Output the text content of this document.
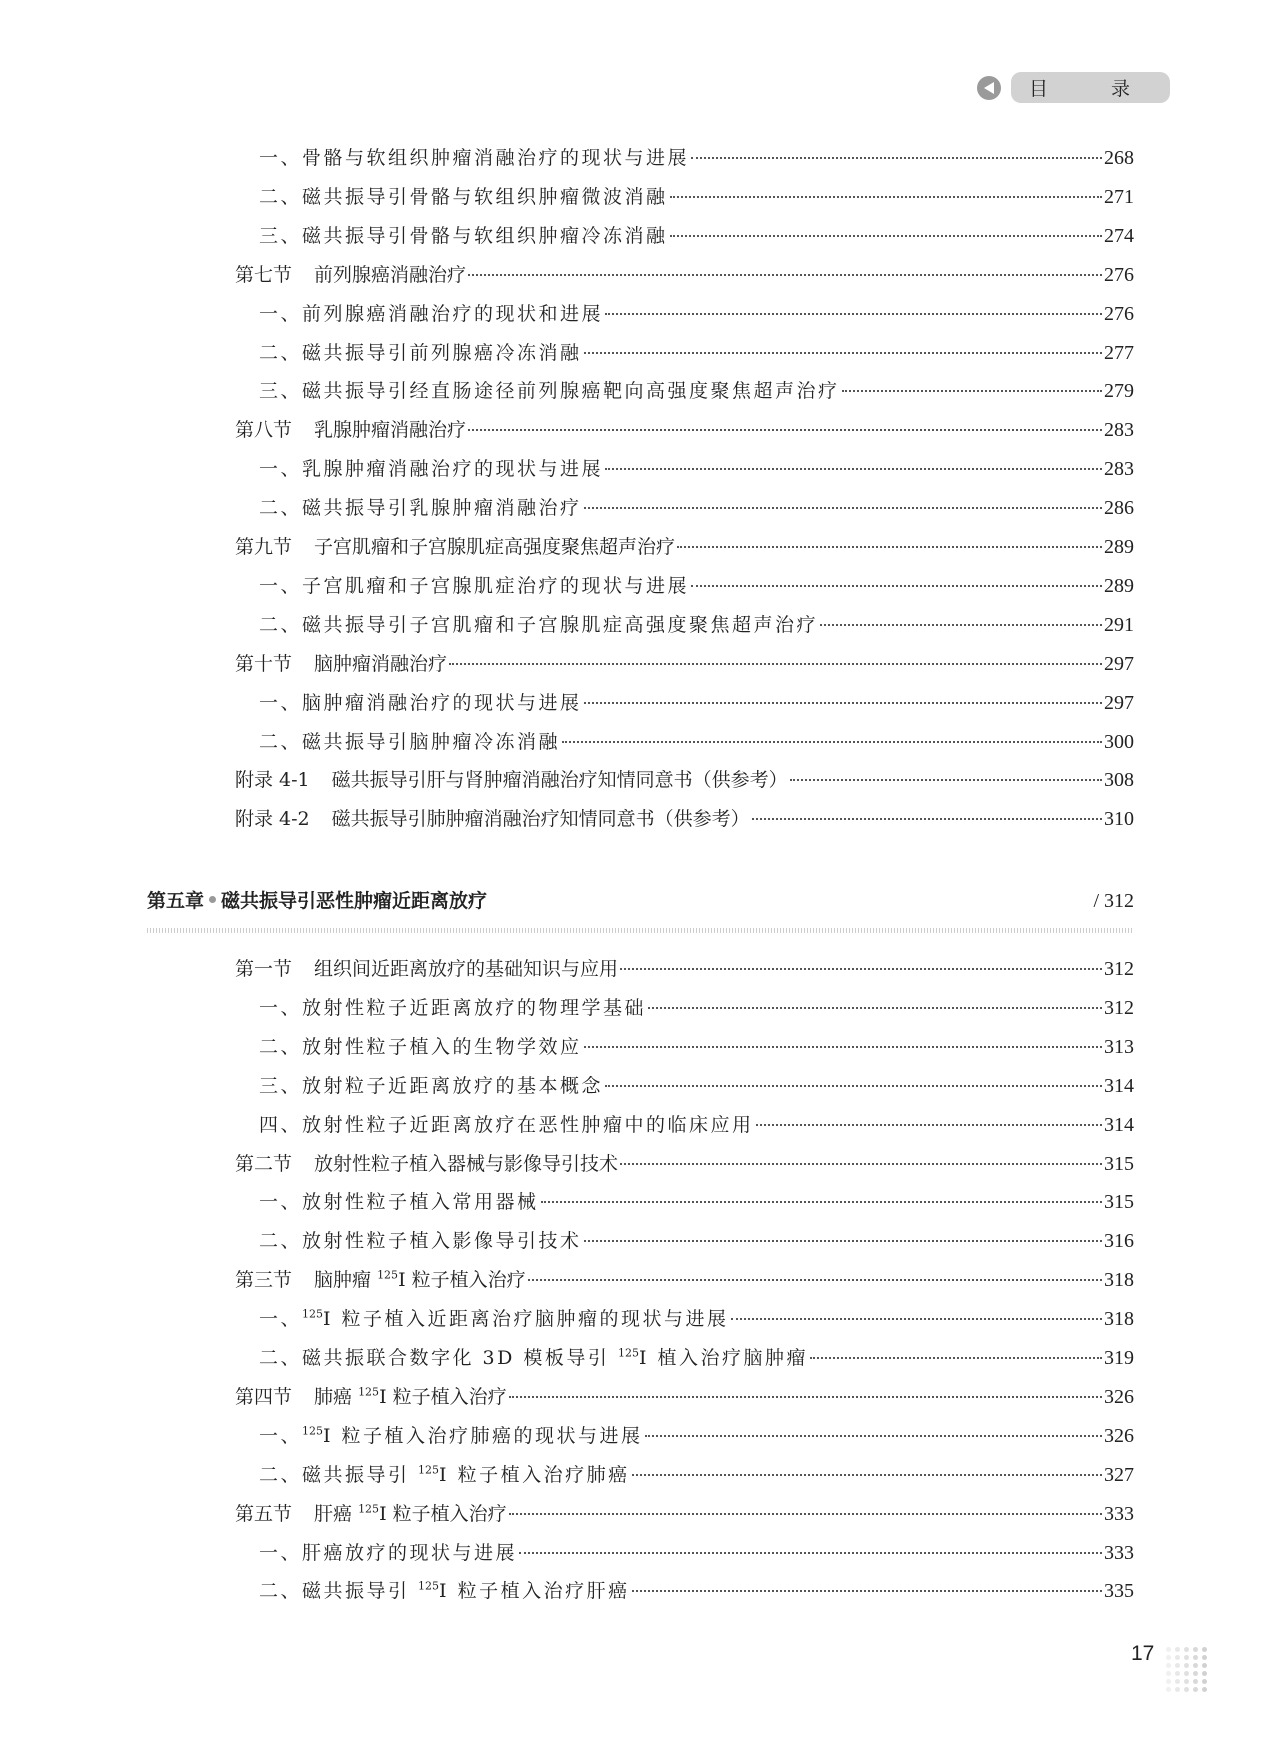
目　录
一、骨骼与软组织肿瘤消融治疗的现状与进展	268
二、磁共振导引骨骼与软组织肿瘤微波消融	271
三、磁共振导引骨骼与软组织肿瘤冷冻消融	274
第七节 前列腺癌消融治疗	276
一、前列腺癌消融治疗的现状和进展	276
二、磁共振导引前列腺癌冷冻消融	277
三、磁共振导引经直肠途径前列腺癌靶向高强度聚焦超声治疗	279
第八节 乳腺肿瘤消融治疗	283
一、乳腺肿瘤消融治疗的现状与进展	283
二、磁共振导引乳腺肿瘤消融治疗	286
第九节 子宫肌瘤和子宫腺肌症高强度聚焦超声治疗	289
一、子宫肌瘤和子宫腺肌症治疗的现状与进展	289
二、磁共振导引子宫肌瘤和子宫腺肌症高强度聚焦超声治疗	291
第十节 脑肿瘤消融治疗	297
一、脑肿瘤消融治疗的现状与进展	297
二、磁共振导引脑肿瘤冷冻消融	300
附录 4-1 磁共振导引肝与肾肿瘤消融治疗知情同意书（供参考）	308
附录 4-2 磁共振导引肺肿瘤消融治疗知情同意书（供参考）	310
第五章 磁共振导引恶性肿瘤近距离放疗	/ 312
第一节 组织间近距离放疗的基础知识与应用	312
一、放射性粒子近距离放疗的物理学基础	312
二、放射性粒子植入的生物学效应	313
三、放射粒子近距离放疗的基本概念	314
四、放射性粒子近距离放疗在恶性肿瘤中的临床应用	314
第二节 放射性粒子植入器械与影像导引技术	315
一、放射性粒子植入常用器械	315
二、放射性粒子植入影像导引技术	316
第三节 脑肿瘤 $^{125}$I 粒子植入治疗	318
一、$^{125}$I 粒子植入近距离治疗脑肿瘤的现状与进展	318
二、磁共振联合数字化 3D 模板导引 $^{125}$I 植入治疗脑肿瘤	319
第四节 肺癌 $^{125}$I 粒子植入治疗	326
一、$^{125}$I 粒子植入治疗肺癌的现状与进展	326
二、磁共振导引 $^{125}$I 粒子植入治疗肺癌	327
第五节 肝癌 $^{125}$I 粒子植入治疗	333
一、肝癌放疗的现状与进展	333
二、磁共振导引 $^{125}$I 粒子植入治疗肝癌	335
17
